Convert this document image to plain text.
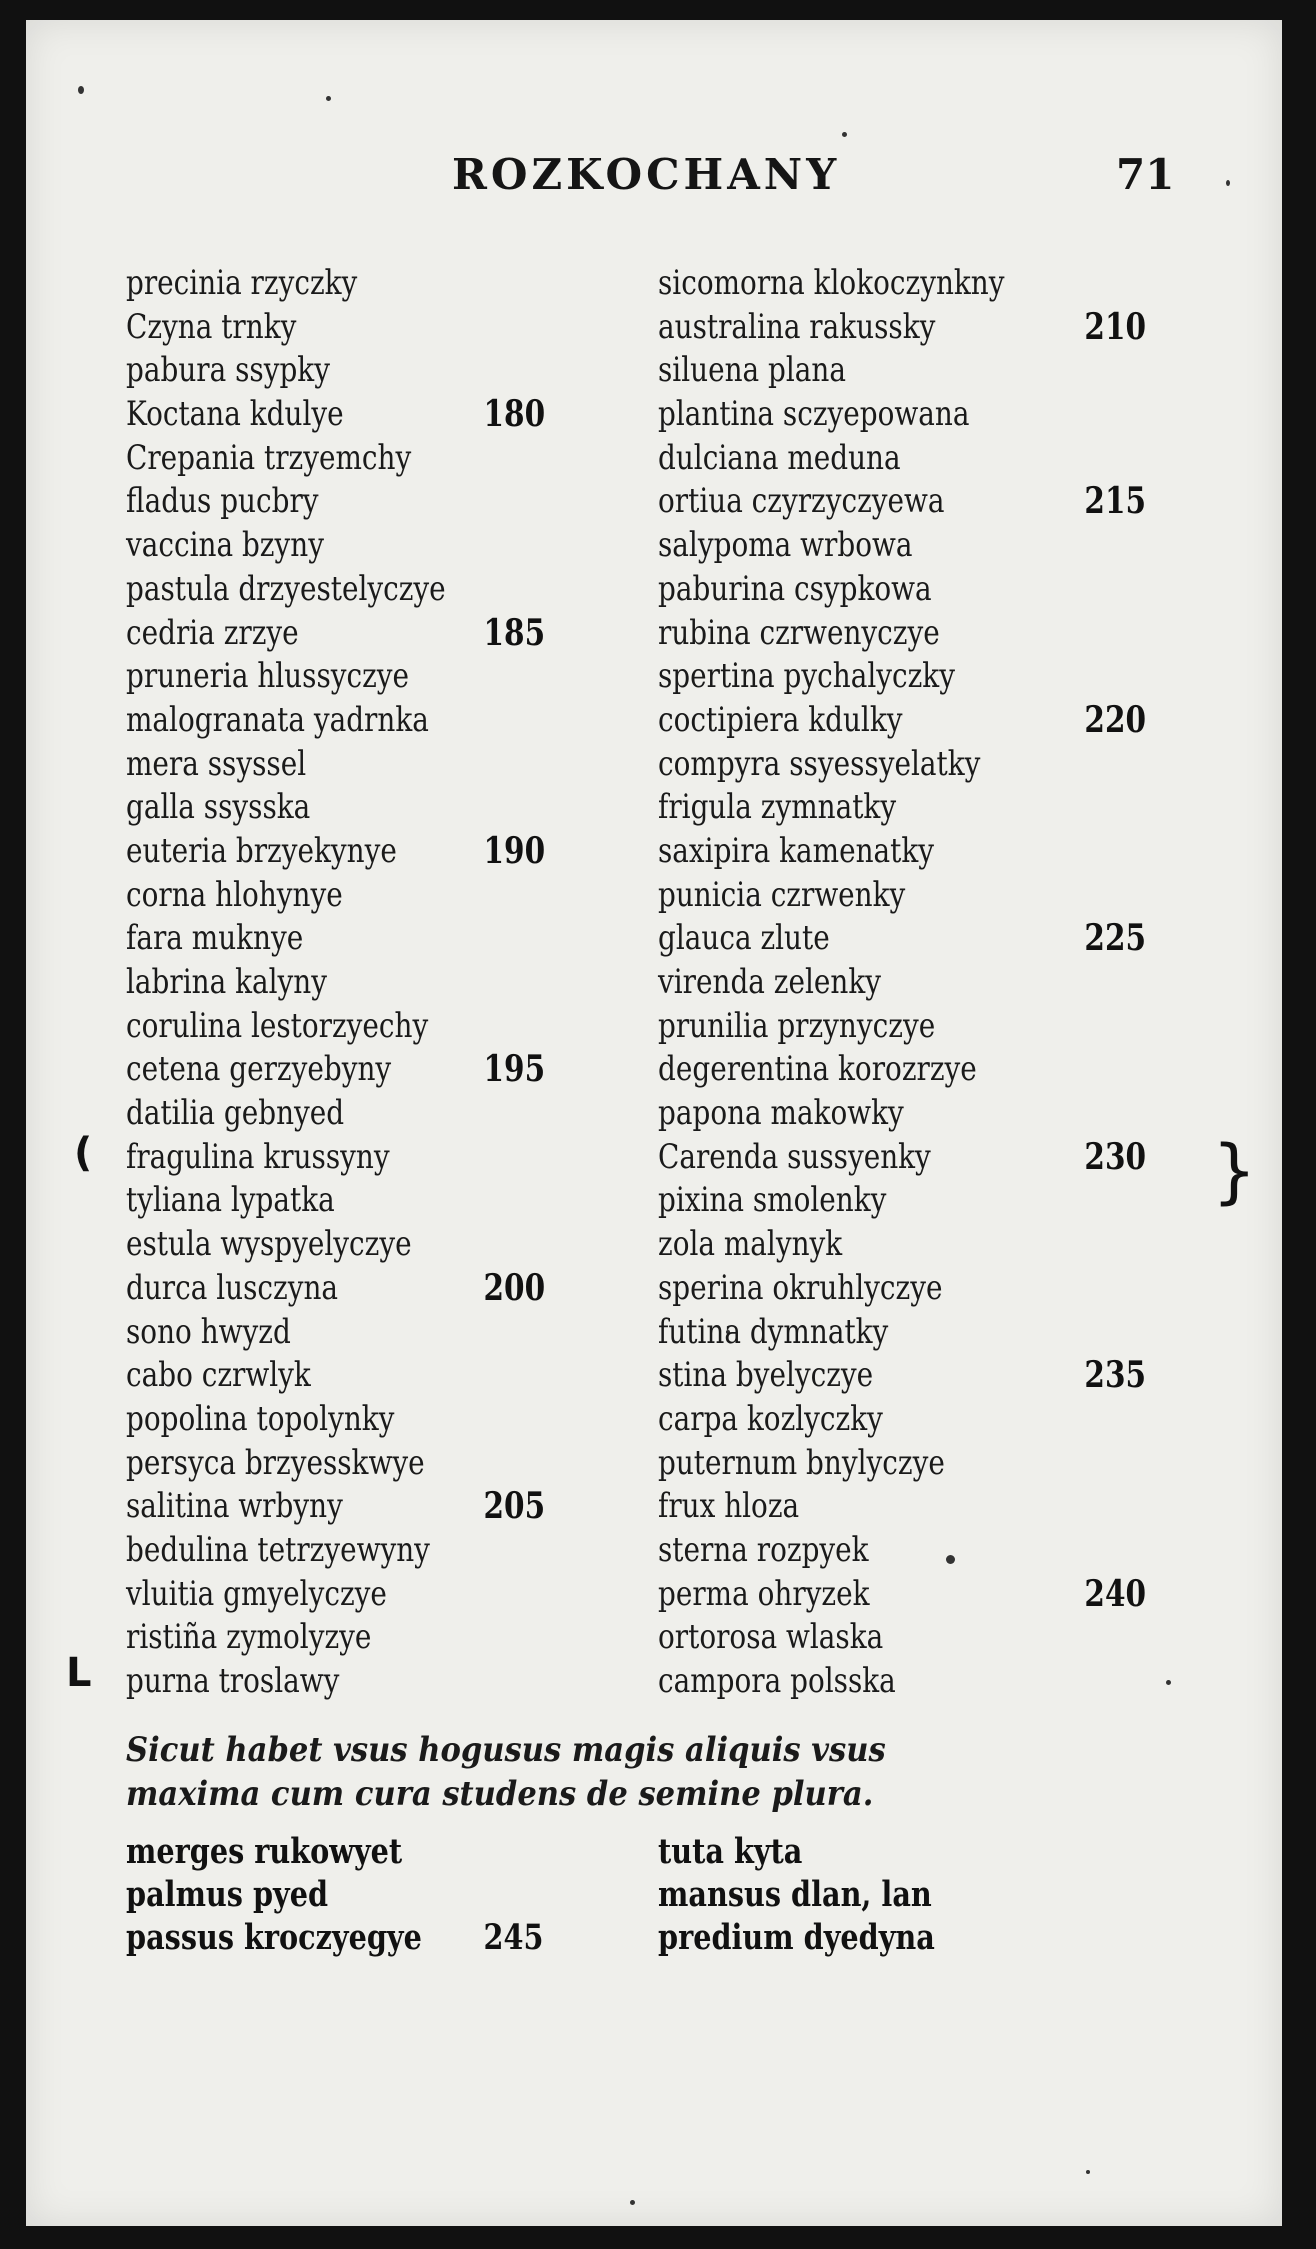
ROZKOCHANY	71
(
L
}
precinia rzyczky
Czyna trnky
pabura ssypky
Koctana kdulye	180
Crepania trzyemchy
fladus pucbry
vaccina bzyny
pastula drzyestelyczye
cedria zrzye	185
pruneria hlussyczye
malogranata yadrnka
mera ssyssel
galla ssysska
euteria brzyekynye 190
corna hlohynye
fara muknye
labrina kalyny
corulina lestorzyechy
cetena gerzyebyny	195
datilia gebnyed
fragulina krussyny
tyliana lypatka
estula wyspyelyczye
durca lusczyna	200
sono hwyzd
cabo czrwlyk
popolina topolynky
persyca brzyesskwye
salitina wrbyny	205
bedulina tetrzyewyny
vluitia gmyelyczye
ristiña zymolyzye
purna troslawy
sicomorna klokoczynkny
australina rakussky	210
siluena plana
plantina sczyepowana
dulciana meduna
ortiua czyrzyczyewa	215
salypoma wrbowa
paburina csypkowa
rubina czrwenyczye
spertina pychalyczky
coctipiera kdulky	220
compyra ssyessyelatky
frigula zymnatky
saxipira kamenatky
punicia czrwenky
glauca zlute	225
virenda zelenky
prunilia przynyczye
degerentina korozrzye
papona makowky
Carenda sussyenky	230
pixina smolenky
zola malynyk
sperina okruhlyczye
futina dymnatky
stina byelyczye	235
carpa kozlyczky
puternum bnylyczye
frux hloza
sterna rozpyek
perma ohryzek	240
ortorosa wlaska
campora polsska
Sicut habet vsus hogusus magis aliquis vsus
maxima cum cura studens de semine plura.
merges rukowyet
palmus pyed
passus kroczyegye 245
tuta kyta
mansus dlan, lan
predium dyedyna
